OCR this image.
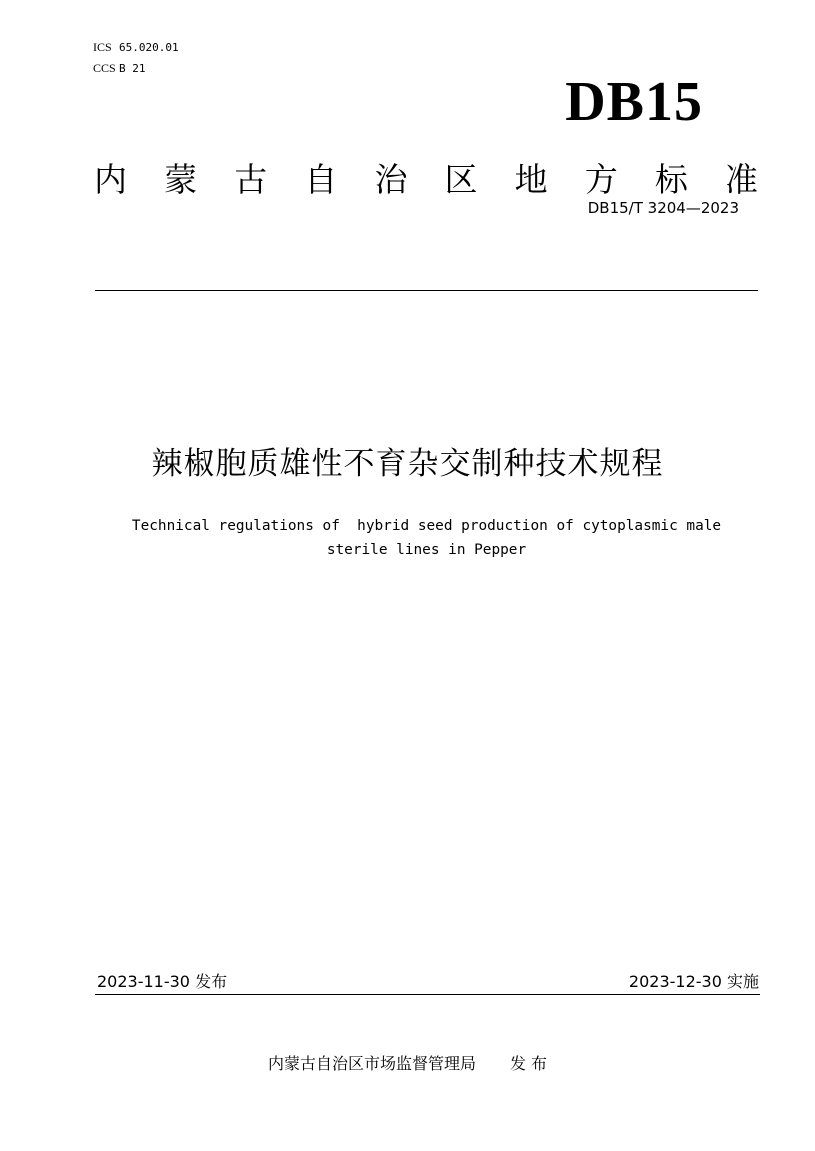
ICS 65.020.01
CCS B 21
DB15
内 蒙 古 自 治 区 地 方 标 准
DB15/T 3204—2023
辣椒胞质雄性不育杂交制种技术规程
Technical regulations of  hybrid seed production of cytoplasmic male
sterile lines in Pepper
2023-11-30 发布	2023-12-30 实施
内蒙古自治区市场监督管理局 发 布
